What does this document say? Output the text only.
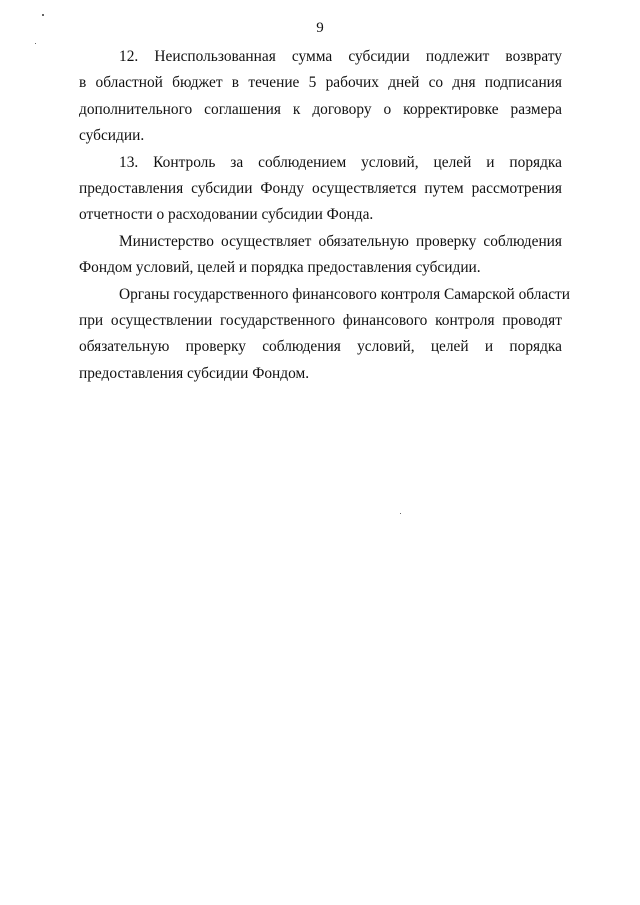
9
12. Неиспользованная сумма субсидии подлежит возврату
в областной бюджет в течение 5 рабочих дней со дня подписания
дополнительного соглашения к договору о корректировке размера
субсидии.
13. Контроль за соблюдением условий, целей и порядка
предоставления субсидии Фонду осуществляется путем рассмотрения
отчетности о расходовании субсидии Фонда.
Министерство осуществляет обязательную проверку соблюдения
Фондом условий, целей и порядка предоставления субсидии.
Органы государственного финансового контроля Самарской области
при осуществлении государственного финансового контроля проводят
обязательную проверку соблюдения условий, целей и порядка
предоставления субсидии Фондом.
